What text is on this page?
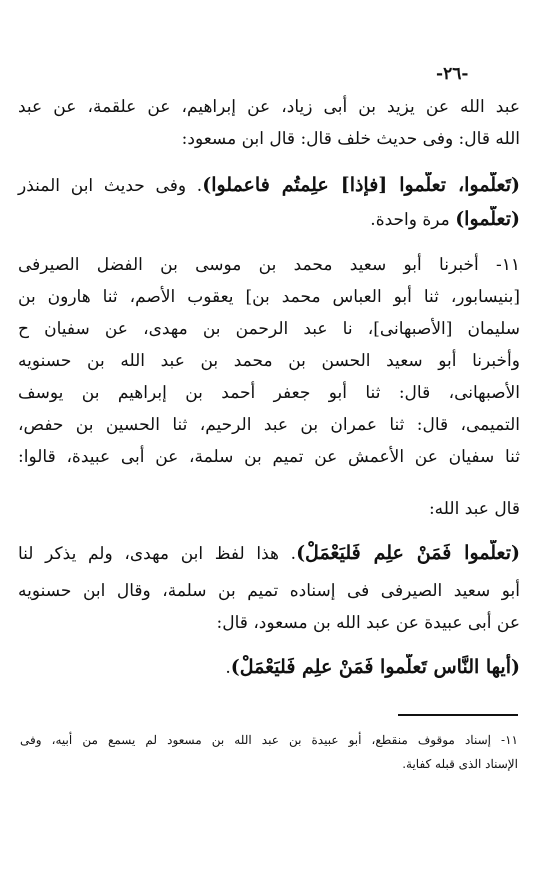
-٢٦-
عبد الله عن يزيد بن أبى زياد، عن إبراهيم، عن علقمة، عن عبد
الله قال: وفى حديث خلف قال: قال ابن مسعود:
(تَعلَّموا، تعلَّموا [فإذا] علِمتُم فاعملوا). وفى حديث ابن المنذر
(تعلَّموا) مرة واحدة.
١١- أخبرنا أبو سعيد محمد بن موسى بن الفضل الصيرفى
[بنيسابور، ثنا أبو العباس محمد بن] يعقوب الأصم، ثنا هارون بن
سليمان [الأصبهانى]، نا عبد الرحمن بن مهدى، عن سفيان ح
وأخبرنا أبو سعيد الحسن بن محمد بن عبد الله بن حسنويه
الأصبهانى، قال: ثنا أبو جعفر أحمد بن إبراهيم بن يوسف
التميمى، قال: ثنا عمران بن عبد الرحيم، ثنا الحسين بن حفص،
ثنا سفيان عن الأعمش عن تميم بن سلمة، عن أبى عبيدة، قالوا:
قال عبد الله:
(تعلَّموا فَمَنْ علِم فَليَعْمَلْ). هذا لفظ ابن مهدى، ولم يذكر لنا
أبو سعيد الصيرفى فى إسناده تميم بن سلمة، وقال ابن حسنويه
عن أبى عبيدة عن عبد الله بن مسعود، قال:
(أيها النَّاس تَعلَّموا فَمَنْ علِم فَليَعْمَلْ).
١١- إسناد موقوف منقطع، أبو عبيدة بن عبد الله بن مسعود لم يسمع من أبيه، وفى
الإسناد الذى قبله كفاية.
